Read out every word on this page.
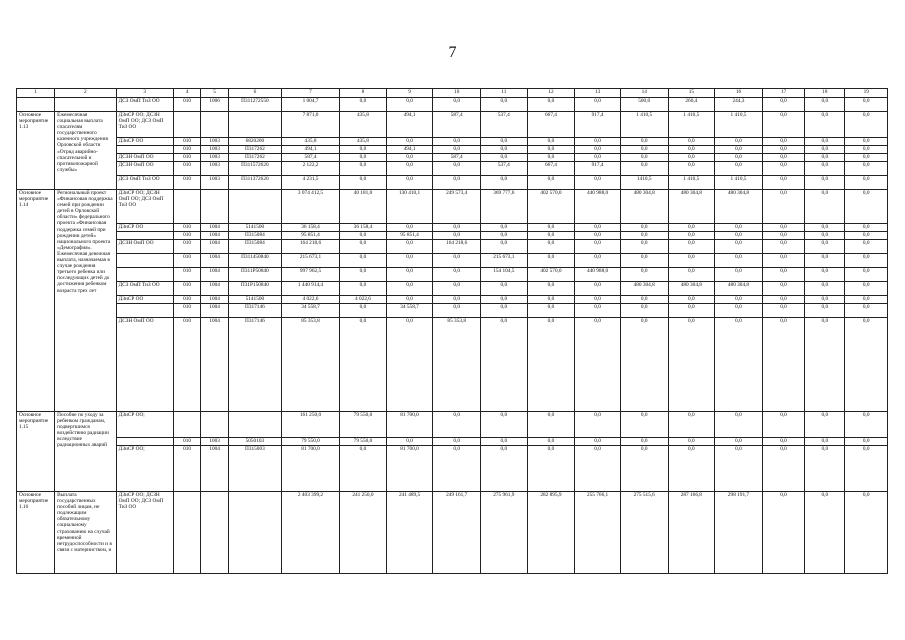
7
1	2	3	4	5	6	7	8	9	10	11	12	13	14	15	16	17	18	19
		ДСЗ ОмП ТиЗ ОО	010	1006	П311272550	1 004,7	0,0	0,0	0,0	0,0	0,0	0,0	500,0	260,4	244,3	0,0	0,0	0,0
Основное мероприятие 1.13	Ежемесячная социальная выплата спасателям государственного казенного учреждения Орловской области «Отряд аварийно-спасательной и противопожарной службы»	ДЗиСР ОО; ДСЗН ОмП ОО; ДСЗ ОмП ТиЗ ОО				7 871,0	435,8	494,1	587,4	537,4	667,4	917,4	1 410,5	1 410,5	1 410,5	0,0	0,0	0,0
		ДЗиСР ОО	010	1003	6820200	435,8	435,8	0,0	0,0	0,0	0,0	0,0	0,0	0,0	0,0	0,0	0,0	0,0
			010	1003	П317262	494,1	0,0	494,1	0,0	0,0	0,0	0,0	0,0	0,0	0,0	0,0	0,0	0,0
		ДСЗН ОмП ОО	010	1003	П317262	587,4	0,0	0,0	587,4	0,0	0,0	0,0	0,0	0,0	0,0	0,0	0,0	0,0
		ДСЗН ОмП ОО	010	1003	П311572620	2 122,2	0,0	0,0	0,0	537,4	667,4	917,4	0,0	0,0	0,0	0,0	0,0	0,0
		ДСЗ ОмП ТиЗ ОО	010	1003	П311372620	4 231,5	0,0	0,0	0,0	0,0	0,0	0,0	1410,5	1 410,5	1 410,5	0,0	0,0	0,0
Основное мероприятие 1.14	Региональный проект «Финансовая поддержка семей при рождении детей в Орловской области» федерального проекта «Финансовая поддержка семей при рождении детей» национального проекта «Демография». Ежемесячная денежная выплата, назначаемая в случае рождения третьего ребенка или последующих детей до достижения ребенком возраста трех лет	ДЗиСР ОО; ДСЗН ОмП ОО; ДСЗ ОмП ТиЗ ОО				3 074 412,5	40 181,0	130 410,1	249 573,4	369 777,6	402 570,0	440 988,0	480 304,8	480 304,8	480 304,8	0,0	0,0	0,0
		ДЗиСР ОО	010	1004	5141500	36 158,4	36 158,4	0,0	0,0	0,0	0,0	0,0	0,0	0,0	0,0	0,0	0,0	0,0
			010	1004	П315084	95 851,4	0,0	95 851,4	0,0	0,0	0,0	0,0	0,0	0,0	0,0	0,0	0,0	0,0
		ДСЗН ОмП ОО	010	1004	П315084	164 218,6	0,0	0,0	164 218,6	0,0	0,0	0,0	0,0	0,0	0,0	0,0	0,0	0,0
			010	1004	П311450840	215 673,1	0,0	0,0	0,0	215 673,1	0,0	0,0	0,0	0,0	0,0	0,0	0,0	0,0
			010	1004	П311Р50840	997 962,5	0,0	0,0	0,0	154 104,5	402 570,0	440 988,0	0,0	0,0	0,0	0,0	0,0	0,0
		ДСЗ ОмП ТиЗ ОО	010	1004	П31Р150840	1 440 914,4	0,0	0,0	0,0	0,0	0,0	0,0	480 304,8	480 304,8	480 304,8	0,0	0,0	0,0
		ДЗиСР ОО	010	1004	5141500	4 022,6	4 022,6	0,0	0,0	0,0	0,0	0,0	0,0	0,0	0,0	0,0	0,0	0,0
			010	1004	П317146	34 558,7	0,0	34 558,7	0,0	0,0	0,0	0,0	0,0	0,0	0,0	0,0	0,0	0,0
		ДСЗН ОмП ОО	010	1004	П317146	85 353,8	0,0	0,0	85 353,8	0,0	0,0	0,0	0,0	0,0	0,0	0,0	0,0	0,0
Основное мероприятие 1.15	Пособие по уходу за ребенком гражданам, подвергшимся воздействию радиации вследствие радиационных аварий	ДЗиСР ОО;				161 250,0	79 550,0	81 700,0	0,0	0,0	0,0	0,0	0,0	0,0	0,0	0,0	0,0	0,0
			010	1003	5050103	79 550,0	79 550,0	0,0	0,0	0,0	0,0	0,0	0,0	0,0	0,0	0,0	0,0	0,0
		ДЗиСР ОО;	010	1004	П315003	81 700,0	0,0	81 700,0	0,0	0,0	0,0	0,0	0,0	0,0	0,0	0,0	0,0	0,0
Основное мероприятие 1.16	Выплата государственных пособий лицам, не подлежащим обязательному социальному страхованию на случай временной нетрудоспособности и в связи с материнством, и	ДЗиСР ОО; ДСЗН ОмП ОО; ДСЗ ОмП ТиЗ ОО				2 403 399,2	241 250,0	241 489,5	249 161,7	275 961,9	282 895,9	255 766,1	275 515,6	287 166,8	298 191,7	0,0	0,0	0,0
